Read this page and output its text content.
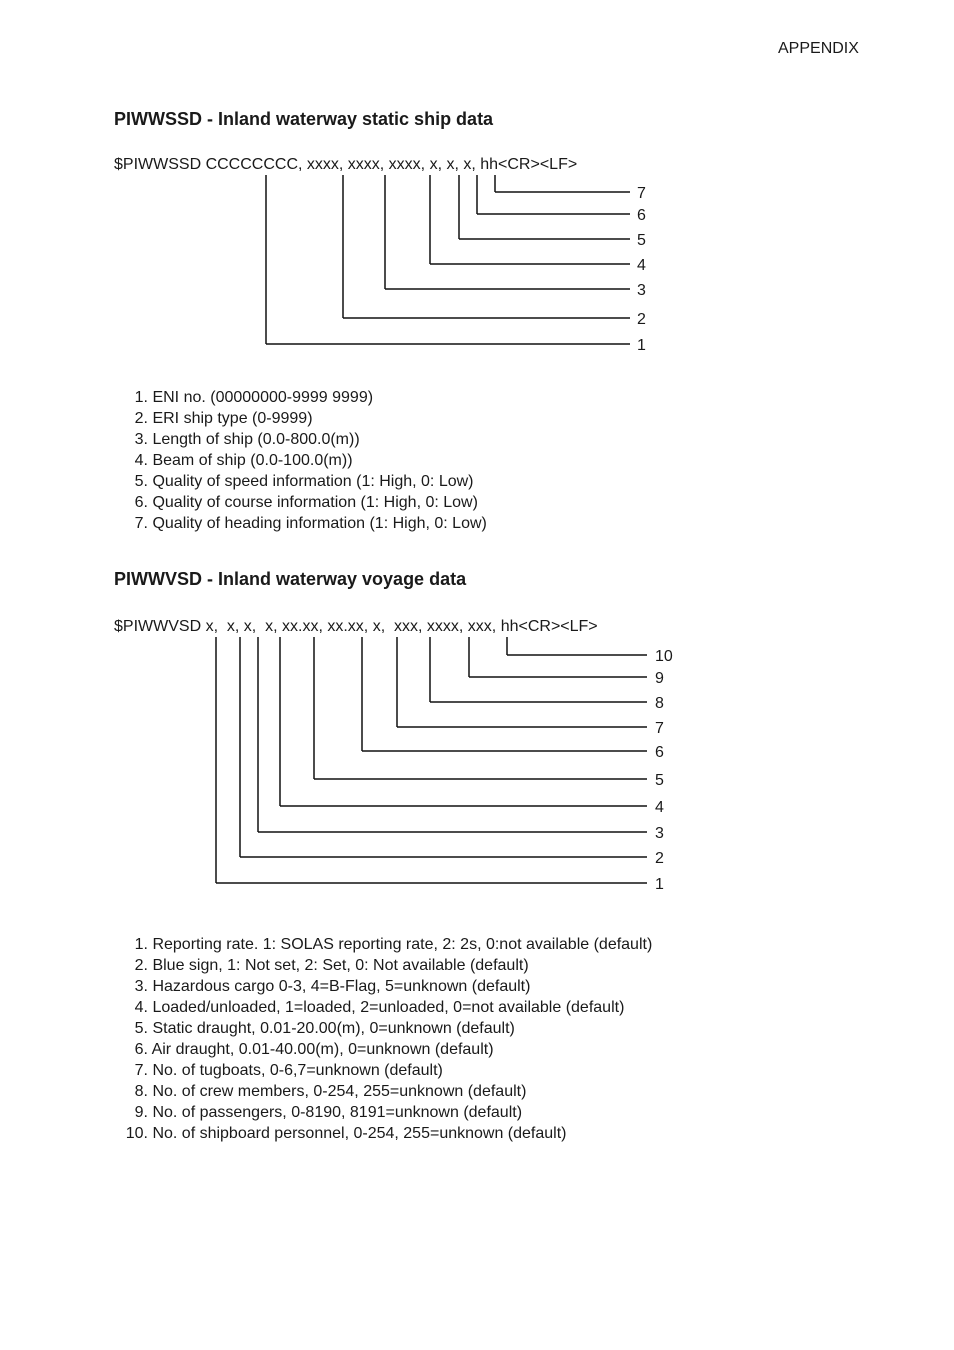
APPENDIX
PIWWSSD - Inland waterway static ship data
$PIWWSSD CCCCCCCC, xxxx, xxxx, xxxx, x, x, x, hh<CR><LF>
7
6
5
4
3
2
1
1. ENI no. (00000000-9999 9999)
2. ERI ship type (0-9999)
3. Length of ship (0.0-800.0(m))
4. Beam of ship (0.0-100.0(m))
5. Quality of speed information (1: High, 0: Low)
6. Quality of course information (1: High, 0: Low)
7. Quality of heading information (1: High, 0: Low)
PIWWVSD - Inland waterway voyage data
$PIWWVSD x,  x, x,  x, xx.xx, xx.xx, x,  xxx, xxxx, xxx, hh<CR><LF>
10
9
8
7
6
5
4
3
2
1
1. Reporting rate. 1: SOLAS reporting rate, 2: 2s, 0:not available (default)
2. Blue sign, 1: Not set, 2: Set, 0: Not available (default)
3. Hazardous cargo 0-3, 4=B-Flag, 5=unknown (default)
4. Loaded/unloaded, 1=loaded, 2=unloaded, 0=not available (default)
5. Static draught, 0.01-20.00(m), 0=unknown (default)
6. Air draught, 0.01-40.00(m), 0=unknown (default)
7. No. of tugboats, 0-6,7=unknown (default)
8. No. of crew members, 0-254, 255=unknown (default)
9. No. of passengers, 0-8190, 8191=unknown (default)
10. No. of shipboard personnel, 0-254, 255=unknown (default)
